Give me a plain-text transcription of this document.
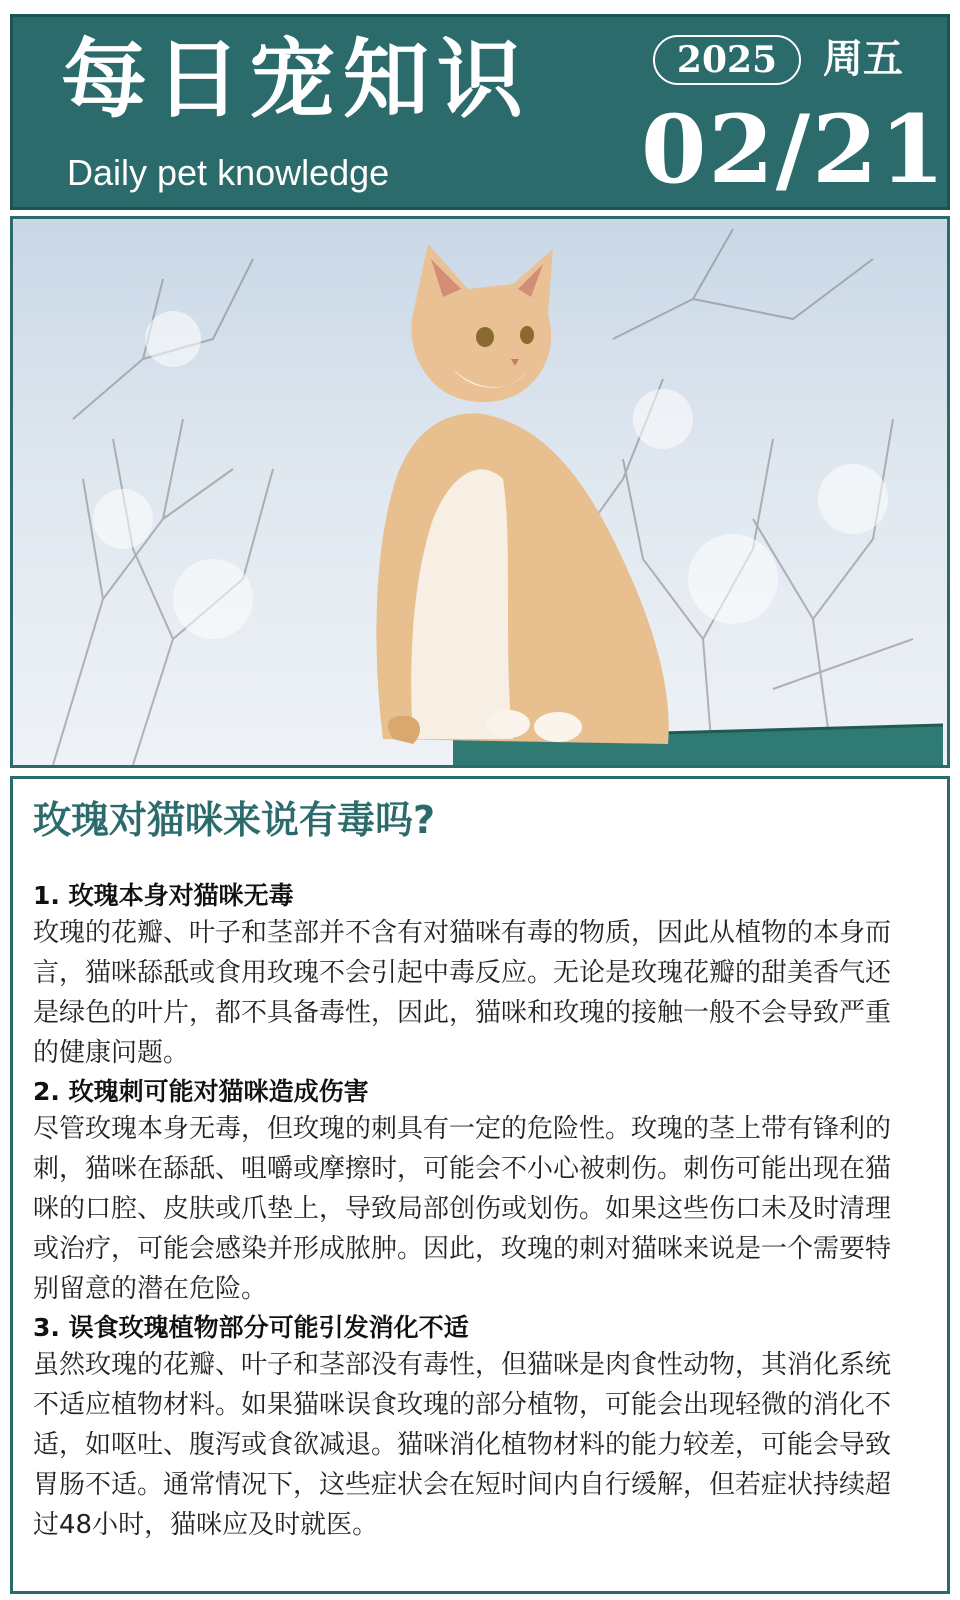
每日宠知识
Daily pet knowledge
2025	周五
02/21
玫瑰对猫咪来说有毒吗?

1. 玫瑰本身对猫咪无毒

玫瑰的花瓣、叶子和茎部并不含有对猫咪有毒的物质，因此从植物的本身而言，猫咪舔舐或食用玫瑰不会引起中毒反应。无论是玫瑰花瓣的甜美香气还是绿色的叶片，都不具备毒性，因此，猫咪和玫瑰的接触一般不会导致严重的健康问题。

2. 玫瑰刺可能对猫咪造成伤害

尽管玫瑰本身无毒，但玫瑰的刺具有一定的危险性。玫瑰的茎上带有锋利的刺，猫咪在舔舐、咀嚼或摩擦时，可能会不小心被刺伤。刺伤可能出现在猫咪的口腔、皮肤或爪垫上，导致局部创伤或划伤。如果这些伤口未及时清理或治疗，可能会感染并形成脓肿。因此，玫瑰的刺对猫咪来说是一个需要特别留意的潜在危险。

3. 误食玫瑰植物部分可能引发消化不适

虽然玫瑰的花瓣、叶子和茎部没有毒性，但猫咪是肉食性动物，其消化系统不适应植物材料。如果猫咪误食玫瑰的部分植物，可能会出现轻微的消化不适，如呕吐、腹泻或食欲减退。猫咪消化植物材料的能力较差，可能会导致胃肠不适。通常情况下，这些症状会在短时间内自行缓解，但若症状持续超过48小时，猫咪应及时就医。
